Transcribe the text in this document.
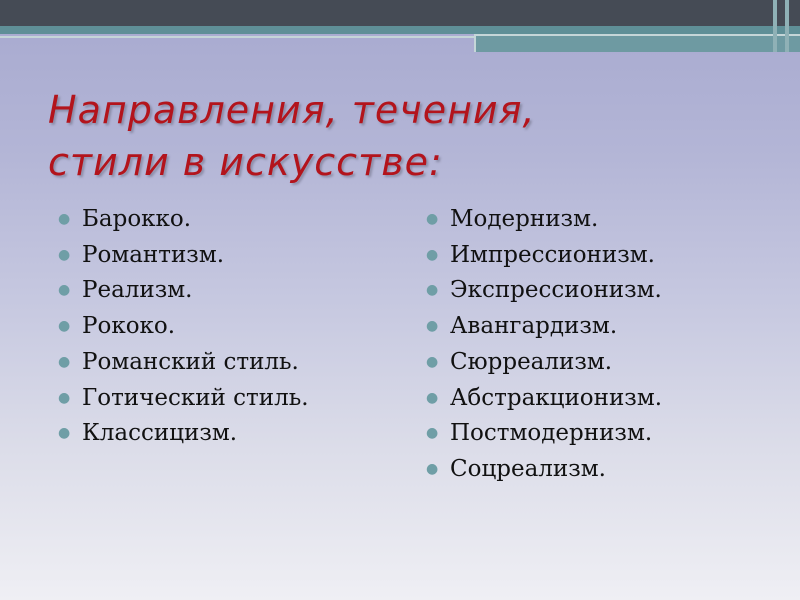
Направления, течения,
стили в искусстве:
● Барокко.
● Романтизм.
● Реализм.
● Рококо.
● Романский стиль.
● Готический стиль.
● Классицизм.
● Модернизм.
● Импрессионизм.
● Экспрессионизм.
● Авангардизм.
● Сюрреализм.
● Абстракционизм.
● Постмодернизм.
● Соцреализм.
